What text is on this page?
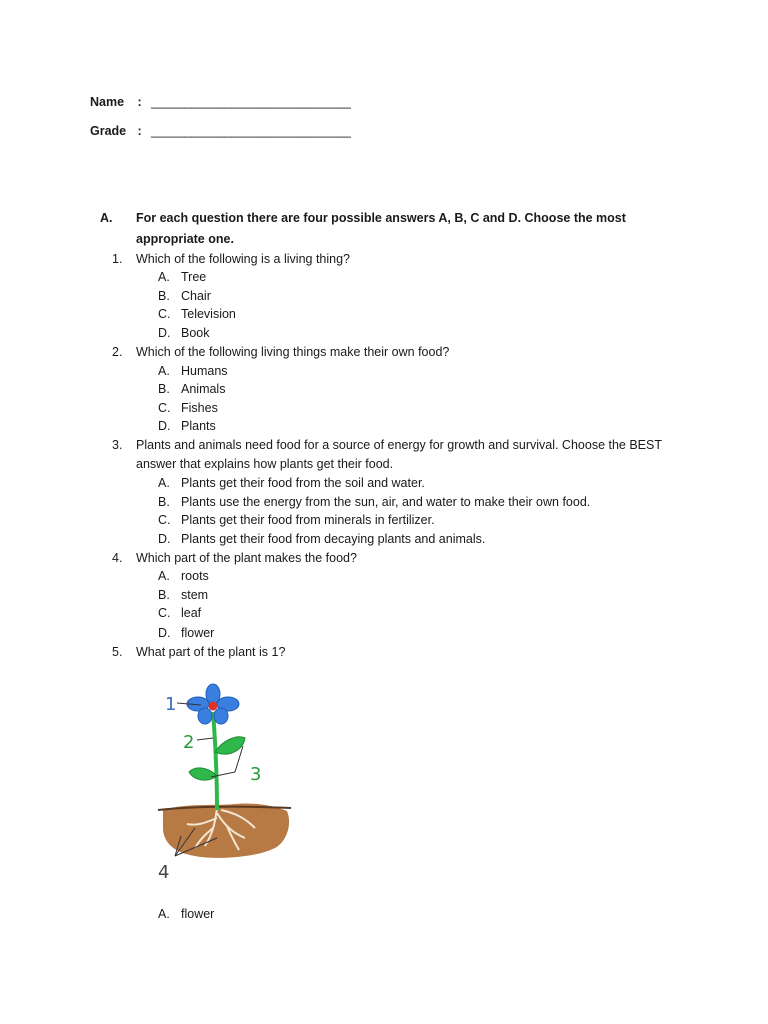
Name : ______________________________
Grade : ______________________________
A. For each question there are four possible answers A, B, C and D. Choose the most appropriate one.
1.	Which of the following is a living thing?
A. Tree
B. Chair
C. Television
D. Book
2.	Which of the following living things make their own food?
A. Humans
B. Animals
C. Fishes
D. Plants
3.	Plants and animals need food for a source of energy for growth and survival. Choose the BEST answer that explains how plants get their food.
A. Plants get their food from the soil and water.
B. Plants use the energy from the sun, air, and water to make their own food.
C. Plants get their food from minerals in fertilizer.
D. Plants get their food from decaying plants and animals.
4.	Which part of the plant makes the food?
A. roots
B. stem
C. leaf
D. flower
5.	What part of the plant is 1?
1
2
3
4
A. flower
